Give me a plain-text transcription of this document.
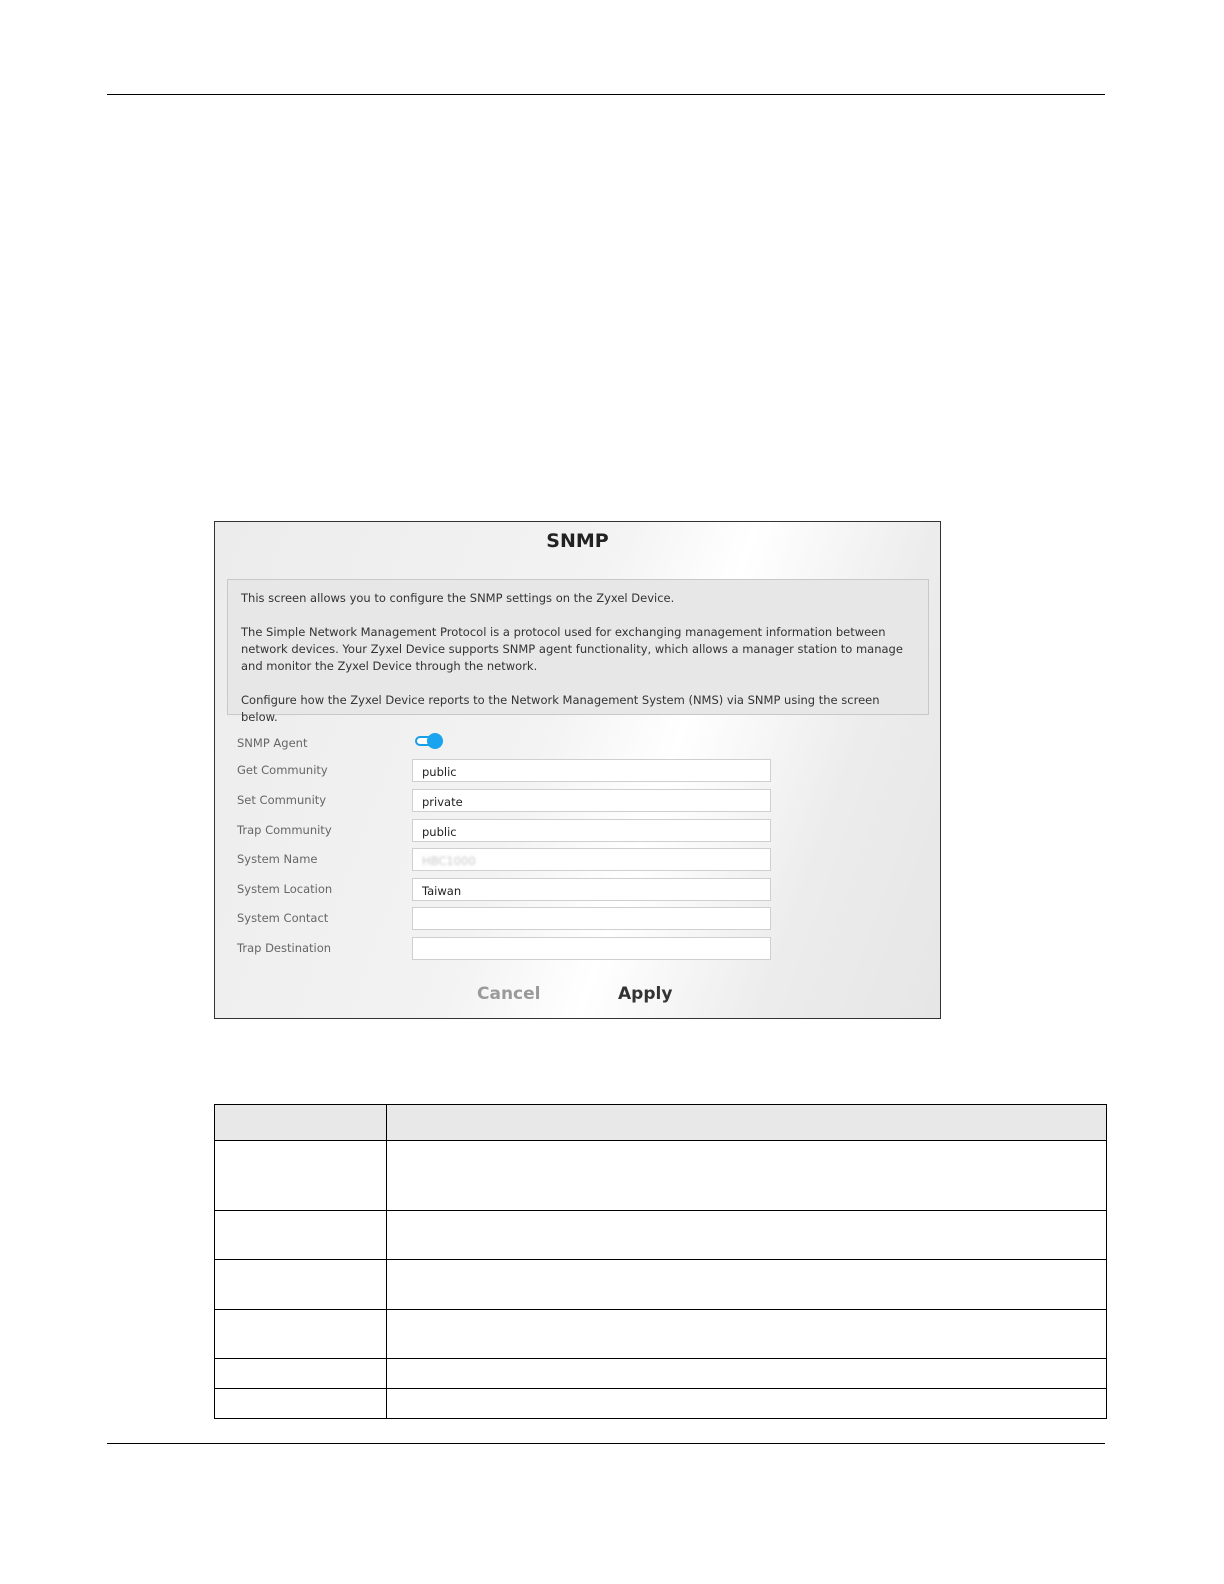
SNMP

This screen allows you to configure the SNMP settings on the Zyxel Device.

The Simple Network Management Protocol is a protocol used for exchanging management information between network devices. Your Zyxel Device supports SNMP agent functionality, which allows a manager station to manage and monitor the Zyxel Device through the network.

Configure how the Zyxel Device reports to the Network Management System (NMS) via SNMP using the screen below.

SNMP Agent
Get Community	public
Set Community	private
Trap Community	public
System Name	HBC1000
System Location	Taiwan
System Contact
Trap Destination
Cancel	Apply
